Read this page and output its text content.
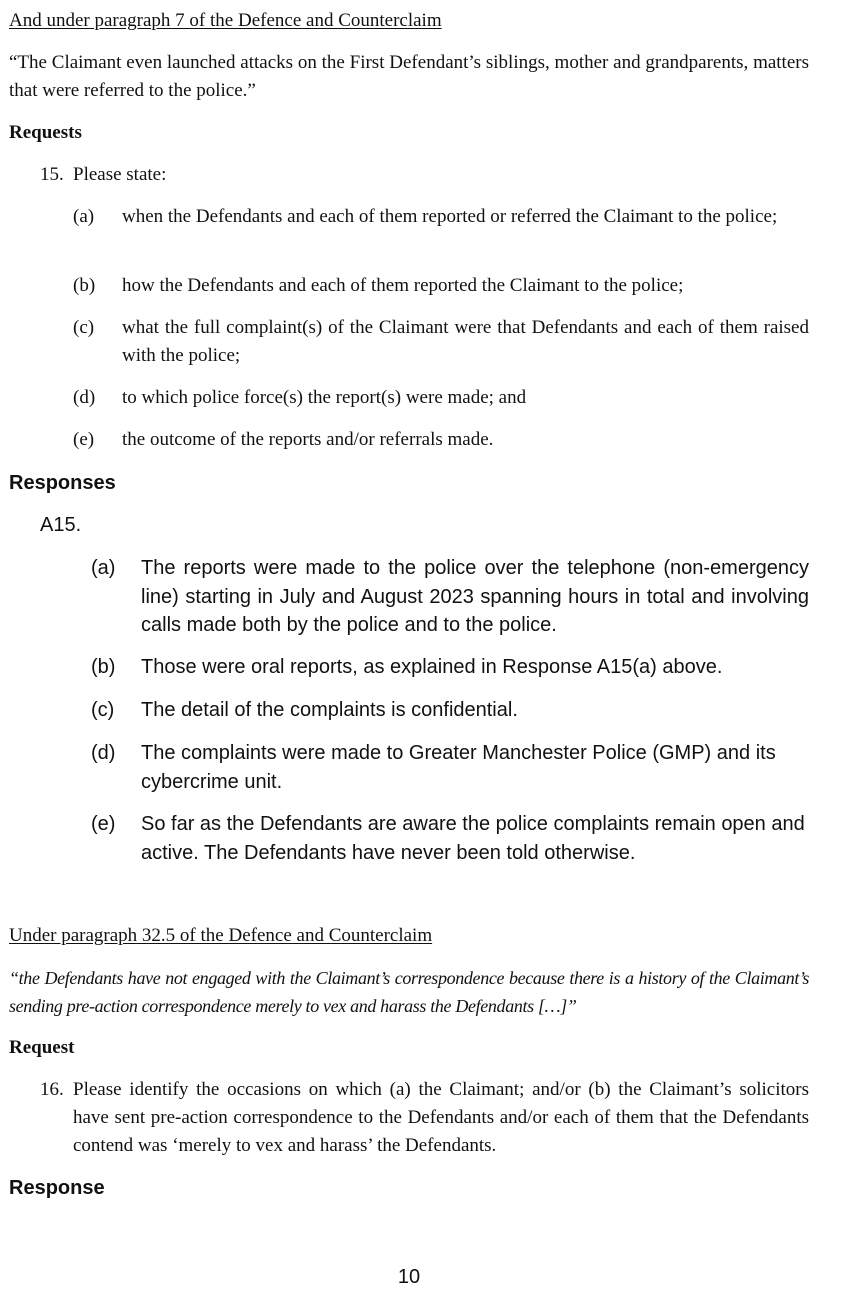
And under paragraph 7 of the Defence and Counterclaim
“The Claimant even launched attacks on the First Defendant’s siblings, mother and grandparents, matters that were referred to the police.”
Requests
15. Please state:
(a) when the Defendants and each of them reported or referred the Claimant to the police;
(b) how the Defendants and each of them reported the Claimant to the police;
(c) what the full complaint(s) of the Claimant were that Defendants and each of them raised with the police;
(d) to which police force(s) the report(s) were made; and
(e) the outcome of the reports and/or referrals made.
Responses
A15.
(a) The reports were made to the police over the telephone (non-emergency line) starting in July and August 2023 spanning hours in total and involving calls made both by the police and to the police.
(b) Those were oral reports, as explained in Response A15(a) above.
(c) The detail of the complaints is confidential.
(d) The complaints were made to Greater Manchester Police (GMP) and its cybercrime unit.
(e) So far as the Defendants are aware the police complaints remain open and active. The Defendants have never been told otherwise.
Under paragraph 32.5 of the Defence and Counterclaim
“the Defendants have not engaged with the Claimant’s correspondence because there is a history of the Claimant’s sending pre-action correspondence merely to vex and harass the Defendants […]”
Request
16. Please identify the occasions on which (a) the Claimant; and/or (b) the Claimant’s solicitors have sent pre-action correspondence to the Defendants and/or each of them that the Defendants contend was ‘merely to vex and harass’ the Defendants.
Response
10
